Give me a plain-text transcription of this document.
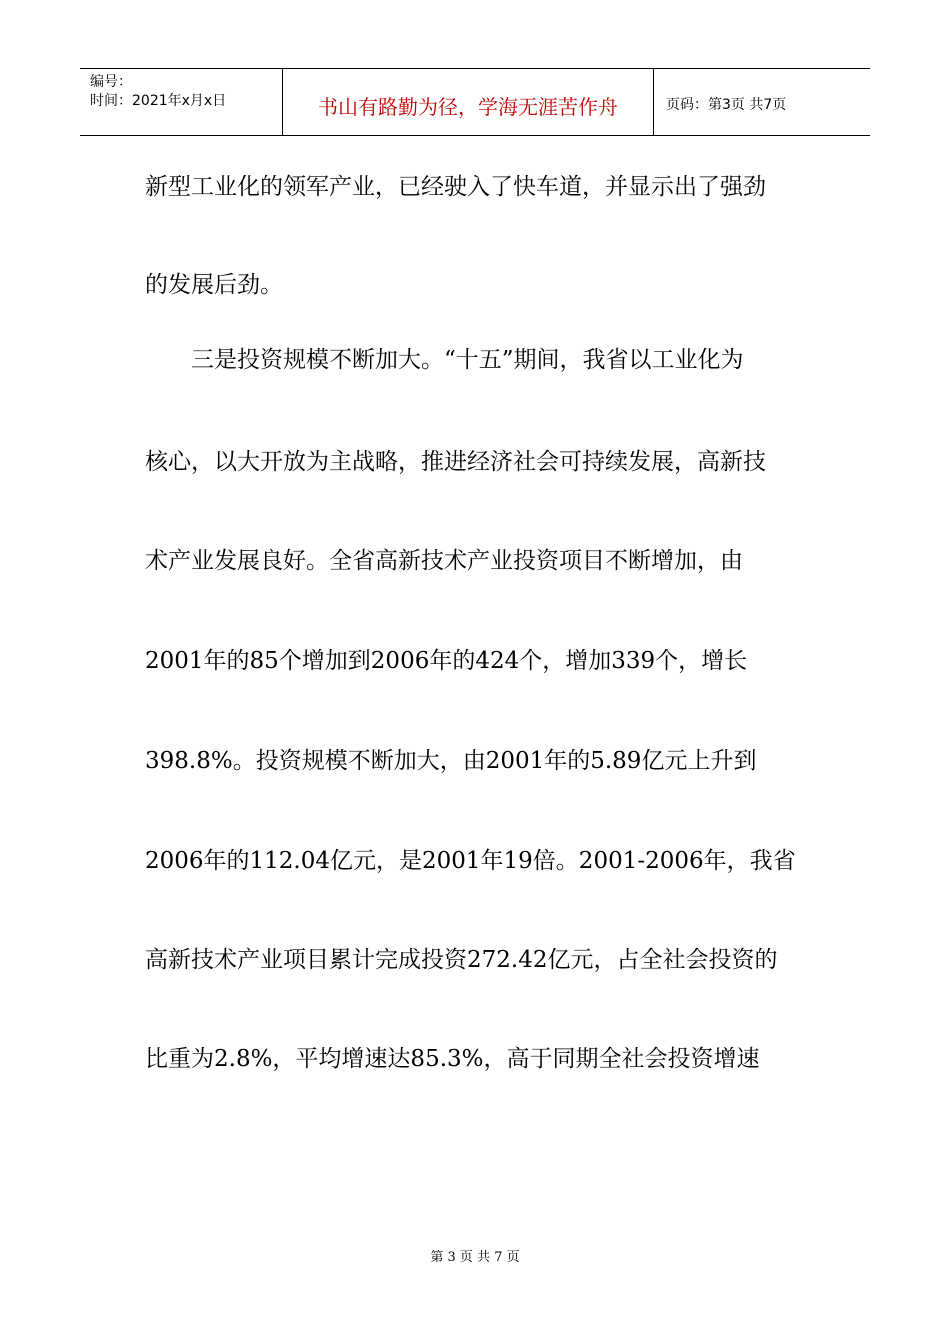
编号：
时间：2021年x月x日	书山有路勤为径，学海无涯苦作舟	页码：第3页 共7页
新型工业化的领军产业，已经驶入了快车道，并显示出了强劲
的发展后劲。
　　三是投资规模不断加大。“十五”期间，我省以工业化为
核心，以大开放为主战略，推进经济社会可持续发展，高新技
术产业发展良好。全省高新技术产业投资项目不断增加，由
2001年的85个增加到2006年的424个，增加339个，增长
398.8%。投资规模不断加大，由2001年的5.89亿元上升到
2006年的112.04亿元，是2001年19倍。2001-2006年，我省
高新技术产业项目累计完成投资272.42亿元，占全社会投资的
比重为2.8%，平均增速达85.3%，高于同期全社会投资增速
第 3 页 共 7 页
